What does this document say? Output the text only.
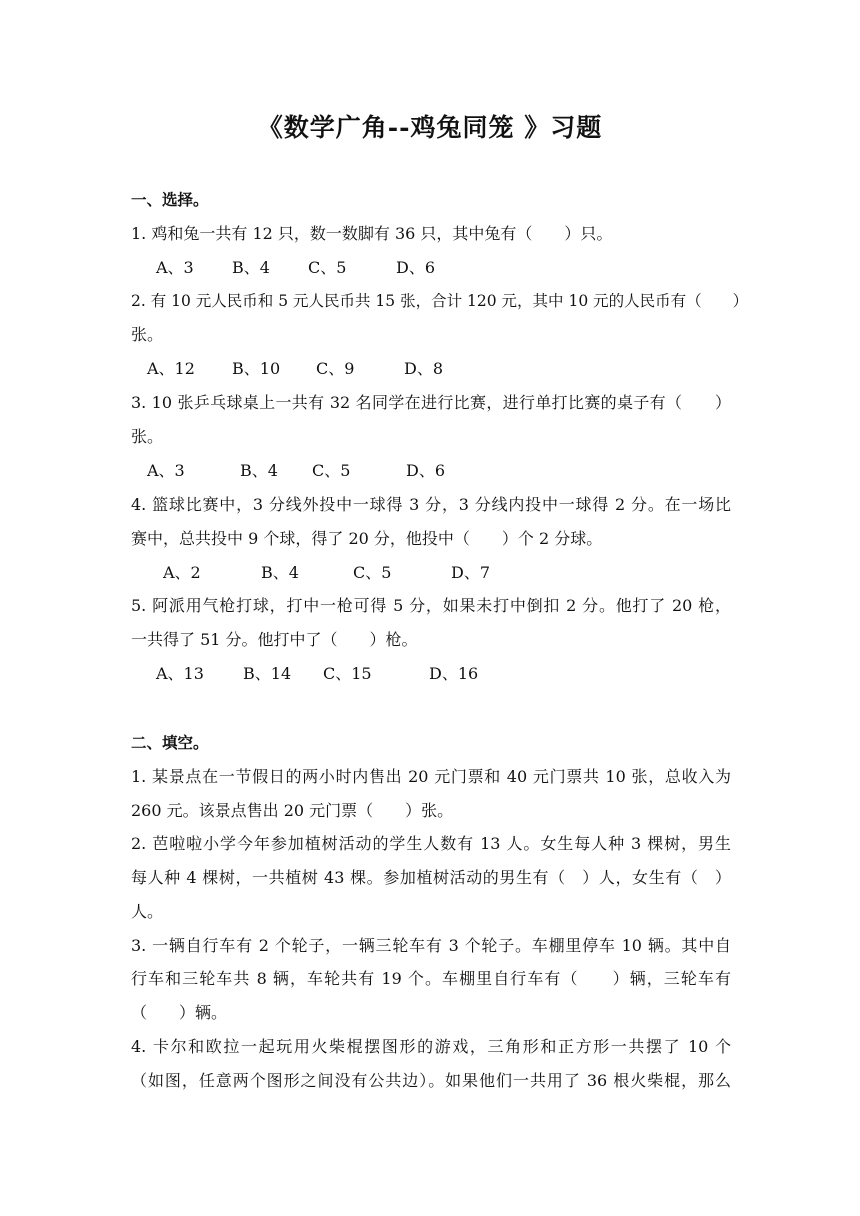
《数学广角--鸡兔同笼 》习题
一、选择。
1. 鸡和兔一共有 12 只，数一数脚有 36 只，其中兔有（　　）只。
A、3 B、4 C、5	D、6
2. 有 10 元人民币和 5 元人民币共 15 张，合计 120 元，其中 10 元的人民币有（　　）
张。
A、12 B、10 C、9	D、8
3. 10 张乒乓球桌上一共有 32 名同学在进行比赛，进行单打比赛的桌子有（　　）
张。
A、3	B、4 C、5	D、6
4. 篮球比赛中，3 分线外投中一球得 3 分，3 分线内投中一球得 2 分。在一场比
赛中，总共投中 9 个球，得了 20 分，他投中（　　）个 2 分球。
A、2	B、4	C、5	D、7
5. 阿派用气枪打球，打中一枪可得 5 分，如果未打中倒扣 2 分。他打了 20 枪，
一共得了 51 分。他打中了（　　）枪。
A、13 B、14 C、15	D、16
二、填空。
1. 某景点在一节假日的两小时内售出 20 元门票和 40 元门票共 10 张，总收入为
260 元。该景点售出 20 元门票（　　）张。
2. 芭啦啦小学今年参加植树活动的学生人数有 13 人。女生每人种 3 棵树，男生
每人种 4 棵树，一共植树 43 棵。参加植树活动的男生有（　）人，女生有（　）
人。
3. 一辆自行车有 2 个轮子，一辆三轮车有 3 个轮子。车棚里停车 10 辆。其中自
行车和三轮车共 8 辆，车轮共有 19 个。车棚里自行车有（　　）辆，三轮车有
（　　）辆。
4. 卡尔和欧拉一起玩用火柴棍摆图形的游戏，三角形和正方形一共摆了 10 个
（如图，任意两个图形之间没有公共边）。如果他们一共用了 36 根火柴棍，那么
